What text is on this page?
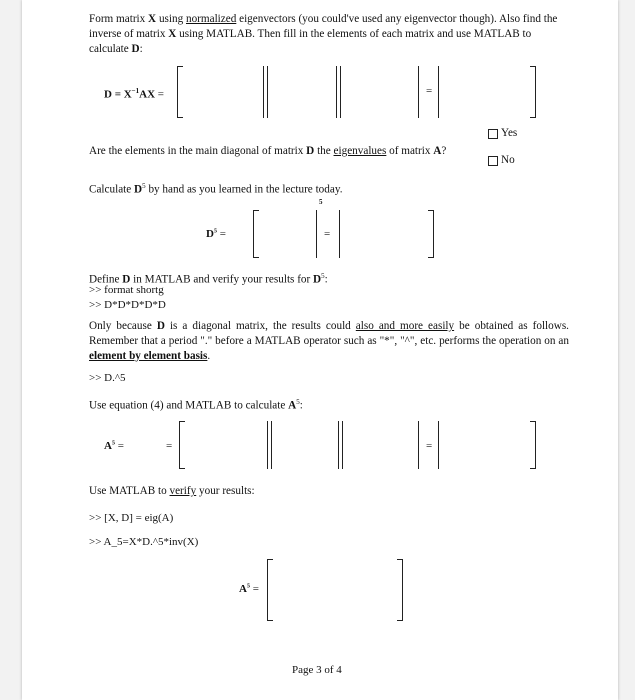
Form matrix X using normalized eigenvectors (you could've used any eigenvector though). Also find the inverse of matrix X using MATLAB. Then fill in the elements of each matrix and use MATLAB to calculate D:
$D = X^{-1}AX$ =	=
Yes
No
Are the elements in the main diagonal of matrix D the eigenvalues of matrix A?
Calculate $D^5$ by hand as you learned in the lecture today.
$D^5$ =
5
=
Define D in MATLAB and verify your results for $D^5$:
>> format shortg
>> D*D*D*D*D
Only because D is a diagonal matrix, the results could also and more easily be obtained as follows. Remember that a period "." before a MATLAB operator such as "*", "^", etc. performs the operation on an element by element basis.
>> D.^5
Use equation (4) and MATLAB to calculate $A^5$:
$A^5$ =	=	=
Use MATLAB to verify your results:
>> [X, D] = eig(A)
>> A_5=X*D.^5*inv(X)
$A^5$ =
Page 3 of 4
